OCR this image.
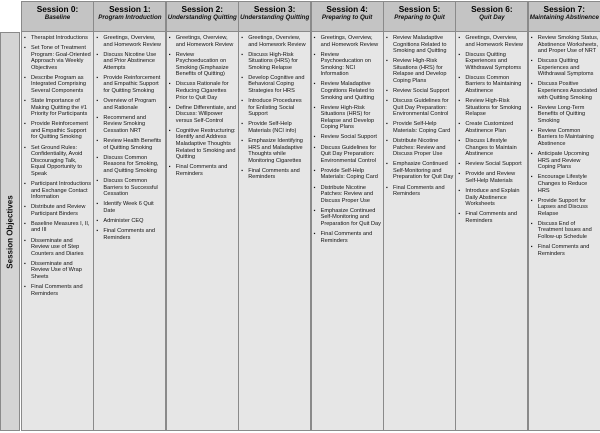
Session Objectives
Session 0:
Baseline
▪ Therapist Introductions
▪ Set Tone of Treatment Program: Goal-Oriented Approach via Weekly Objectives
▪ Describe Program as Integrated Comprising Several Components
▪ State Importance of Making Quitting the #1 Priority for Participants
▪ Provide Reinforcement and Empathic Support for Quitting Smoking
▪ Set Ground Rules: Confidentiality, Avoid Discouraging Talk, Equal Opportunity to Speak
▪ Participant Introductions and Exchange Contact Information
▪ Distribute and Review Participant Binders
▪ Baseline Measures I, II, and III
▪ Disseminate and Review use of Step Counters and Diaries
▪ Disseminate and Review Use of Wrap Sheets
▪ Final Comments and Reminders
Session 1:
Program Introduction
▪ Greetings, Overview, and Homework Review
▪ Discuss Nicotine Use and Prior Abstinence Attempts
▪ Provide Reinforcement and Empathic Support for Quitting Smoking
▪ Overview of Program and Rationale
▪ Recommend and Review Smoking Cessation NRT
▪ Review Health Benefits of Quitting Smoking
▪ Discuss Common Reasons for Smoking, and Quitting Smoking
▪ Discuss Common Barriers to Successful Cessation
▪ Identify Week 6 Quit Date
▪ Administer CEQ
▪ Final Comments and Reminders
Session 2:
Understanding Quitting
▪ Greetings, Overview, and Homework Review
▪ Review Psychoeducation on Smoking (Emphasize Benefits of Quitting)
▪ Discuss Rationale for Reducing Cigarettes Prior to Quit Day
▪ Define Differentiate, and Discuss: Willpower versus Self-Control
▪ Cognitive Restructuring: Identify and Address Maladaptive Thoughts Related to Smoking and Quitting
▪ Final Comments and Reminders
Session 3:
Understanding Quitting
▪ Greetings, Overview, and Homework Review
▪ Discuss High-Risk Situations (HRS) for Smoking Relapse
▪ Develop Cognitive and Behavioral Coping Strategies for HRS
▪ Introduce Procedures for Enlisting Social Support
▪ Provide Self-Help Materials (NCI info)
▪ Emphasize Identifying HRS and Maladaptive Thoughts while Monitoring Cigarettes
▪ Final Comments and Reminders
Session 4:
Preparing to Quit
▪ Greetings, Overview, and Homework Review
▪ Review Psychoeducation on Smoking: NCI Information
▪ Review Maladaptive Cognitions Related to Smoking and Quitting
▪ Review High-Risk Situations (HRS) for Relapse and Develop Coping Plans
▪ Review Social Support
▪ Discuss Guidelines for Quit Day Preparation: Environmental Control
▪ Provide Self-Help Materials: Coping Card
▪ Distribute Nicotine Patches: Review and Discuss Proper Use
▪ Emphasize Continued Self-Monitoring and Preparation for Quit Day
▪ Final Comments and Reminders
Session 5:
Preparing to Quit
▪ Review Maladaptive Cognitions Related to Smoking and Quitting
▪ Review High-Risk Situations (HRS) for Relapse and Develop Coping Plans
▪ Review Social Support
▪ Discuss Guidelines for Quit Day Preparation: Environmental Control
▪ Provide Self-Help Materials: Coping Card
▪ Distribute Nicotine Patches: Review and Discuss Proper Use
▪ Emphasize Continued Self-Monitoring and Preparation for Quit Day
▪ Final Comments and Reminders
Session 6:
Quit Day
▪ Greetings, Overview, and Homework Review
▪ Discuss Quitting Experiences and Withdrawal Symptoms
▪ Discuss Common Barriers to Maintaining Abstinence
▪ Review High-Risk Situations for Smoking Relapse
▪ Create Customized Abstinence Plan
▪ Discuss Lifestyle Changes to Maintain Abstinence
▪ Review Social Support
▪ Provide and Review Self-Help Materials
▪ Introduce and Explain Daily Abstinence Worksheets
▪ Final Comments and Reminders
Session 7:
Maintaining Abstinence
▪ Review Smoking Status, Abstinence Worksheets, and Proper Use of NRT
▪ Discuss Quitting Experiences and Withdrawal Symptoms
▪ Discuss Positive Experiences Associated with Quitting Smoking
▪ Review Long-Term Benefits of Quitting Smoking
▪ Review Common Barriers to Maintaining Abstinence
▪ Anticipate Upcoming HRS and Review Coping Plans
▪ Encourage Lifestyle Changes to Reduce HRS
▪ Provide Support for Lapses and Discuss Relapse
▪ Discuss End of Treatment Issues and Follow-up Schedule
▪ Final Comments and Reminders
